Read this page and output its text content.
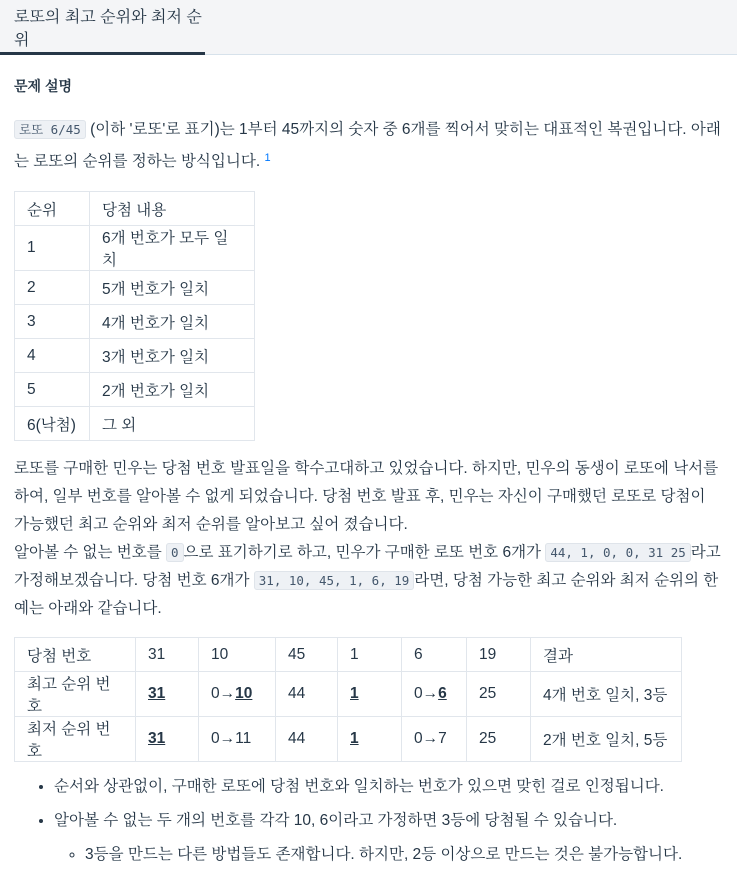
로또의 최고 순위와 최저 순위
문제 설명

로또 6/45 (이하 '로또'로 표기)는 1부터 45까지의 숫자 중 6개를 찍어서 맞히는 대표적인 복권입니다. 아래는 로또의 순위를 정하는 방식입니다. $^1$

순위	당첨 내용
1	6개 번호가 모두 일치
2	5개 번호가 일치
3	4개 번호가 일치
4	3개 번호가 일치
5	2개 번호가 일치
6(낙첨)	그 외

로또를 구매한 민우는 당첨 번호 발표일을 학수고대하고 있었습니다. 하지만, 민우의 동생이 로또에 낙서를 하여, 일부 번호를 알아볼 수 없게 되었습니다. 당첨 번호 발표 후, 민우는 자신이 구매했던 로또로 당첨이 가능했던 최고 순위와 최저 순위를 알아보고 싶어 졌습니다.
알아볼 수 없는 번호를 0 으로 표기하기로 하고, 민우가 구매한 로또 번호 6개가 44, 1, 0, 0, 31 25 라고 가정해보겠습니다. 당첨 번호 6개가 31, 10, 45, 1, 6, 19 라면, 당첨 가능한 최고 순위와 최저 순위의 한 예는 아래와 같습니다.

당첨 번호	31	10	45	1	6	19	결과
최고 순위 번호	31	0→10	44	1	0→6	25	4개 번호 일치, 3등
최저 순위 번호	31	0→11	44	1	0→7	25	2개 번호 일치, 5등
• 순서와 상관없이, 구매한 로또에 당첨 번호와 일치하는 번호가 있으면 맞힌 걸로 인정됩니다.
• 알아볼 수 없는 두 개의 번호를 각각 10, 6이라고 가정하면 3등에 당첨될 수 있습니다.
◦ 3등을 만드는 다른 방법들도 존재합니다. 하지만, 2등 이상으로 만드는 것은 불가능합니다.
